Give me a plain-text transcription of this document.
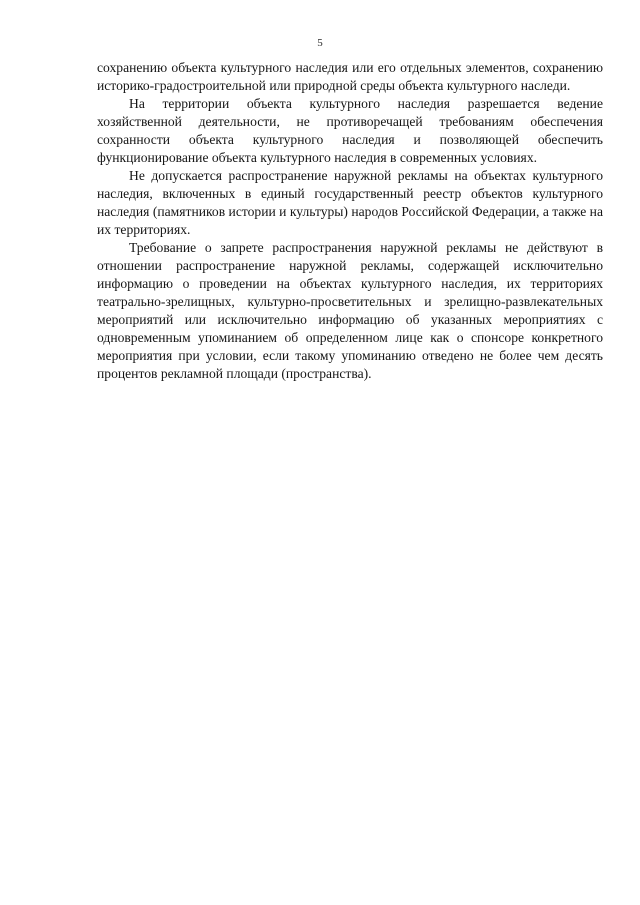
5

сохранению объекта культурного наследия или его отдельных элементов, сохранению историко-градостроительной или природной среды объекта культурного наследи.

На территории объекта культурного наследия разрешается ведение хозяйственной деятельности, не противоречащей требованиям обеспечения сохранности объекта культурного наследия и позволяющей обеспечить функционирование объекта культурного наследия в современных условиях.

Не допускается распространение наружной рекламы на объектах культурного наследия, включенных в единый государственный реестр объектов культурного наследия (памятников истории и культуры) народов Российской Федерации, а также на их территориях.

Требование о запрете распространения наружной рекламы не действуют в отношении распространение наружной рекламы, содержащей исключительно информацию о проведении на объектах культурного наследия, их территориях театрально-зрелищных, культурно-просветительных и зрелищно-развлекательных мероприятий или исключительно информацию об указанных мероприятиях с одновременным упоминанием об определенном лице как о спонсоре конкретного мероприятия при условии, если такому упоминанию отведено не более чем десять процентов рекламной площади (пространства).
